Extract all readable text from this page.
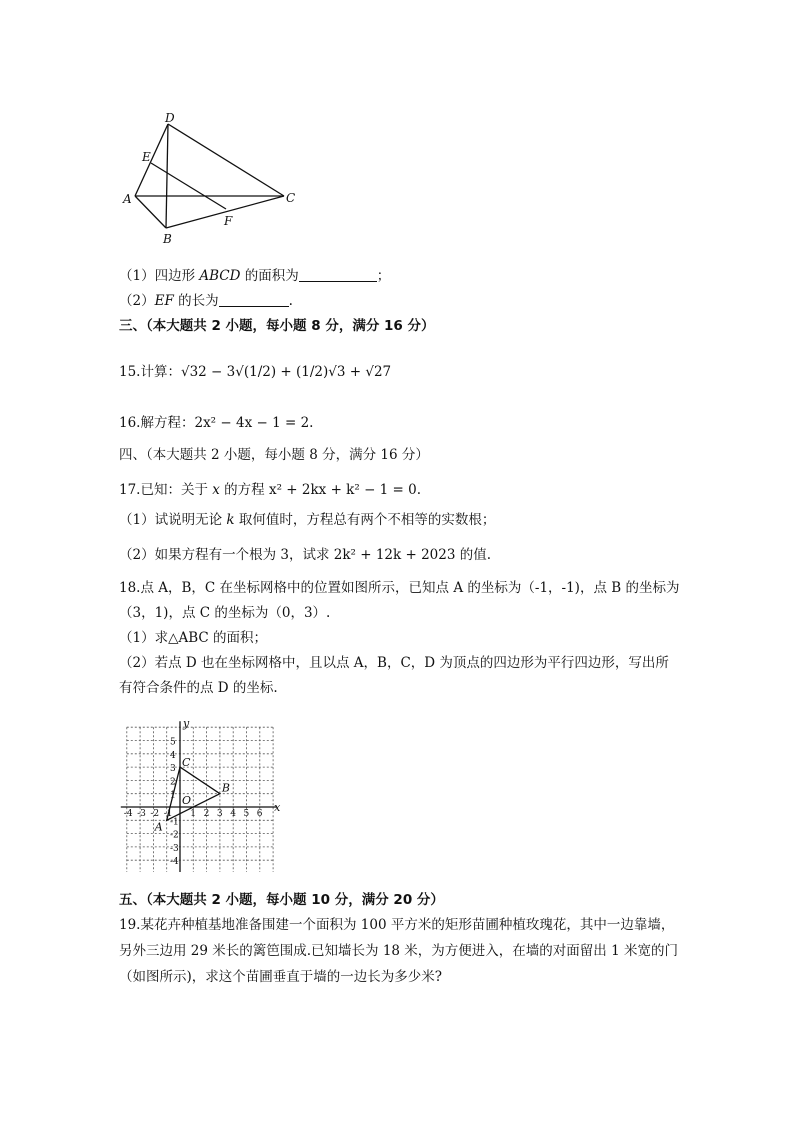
D
E
A	C
F
B
（1）四边形 ABCD 的面积为	；
（2）EF 的长为	.
三、（本大题共 2 小题，每小题 8 分，满分 16 分）
15.计算：√32 − 3√(1/2) + (1/2)√3 + √27
16.解方程：2x² − 4x − 1 = 2.
四、（本大题共 2 小题，每小题 8 分，满分 16 分）
17.已知：关于 x 的方程 x² + 2kx + k² − 1 = 0.
（1）试说明无论 k 取何值时，方程总有两个不相等的实数根；
（2）如果方程有一个根为 3，试求 2k² + 12k + 2023 的值.
18.点 A，B，C 在坐标网格中的位置如图所示，已知点 A 的坐标为（-1，-1)，点 B 的坐标为
（3，1)，点 C 的坐标为（0，3）.
（1）求△ABC 的面积；
（2）若点 D 也在坐标网格中，且以点 A，B，C，D 为顶点的四边形为平行四边形，写出所
有符合条件的点 D 的坐标.
-4 -3 -2 -1 1 2 3 4 5 6
5
4
3
2
1
-1
-2
-3
-4
A
B
C
O
x
y
五、（本大题共 2 小题，每小题 10 分，满分 20 分）
19.某花卉种植基地准备围建一个面积为 100 平方米的矩形苗圃种植玫瑰花，其中一边靠墙，另外三边用 29 米长的篱笆围成.已知墙长为 18 米，为方便进入，在墙的对面留出 1 米宽的门（如图所示)，求这个苗圃垂直于墙的一边长为多少米?
